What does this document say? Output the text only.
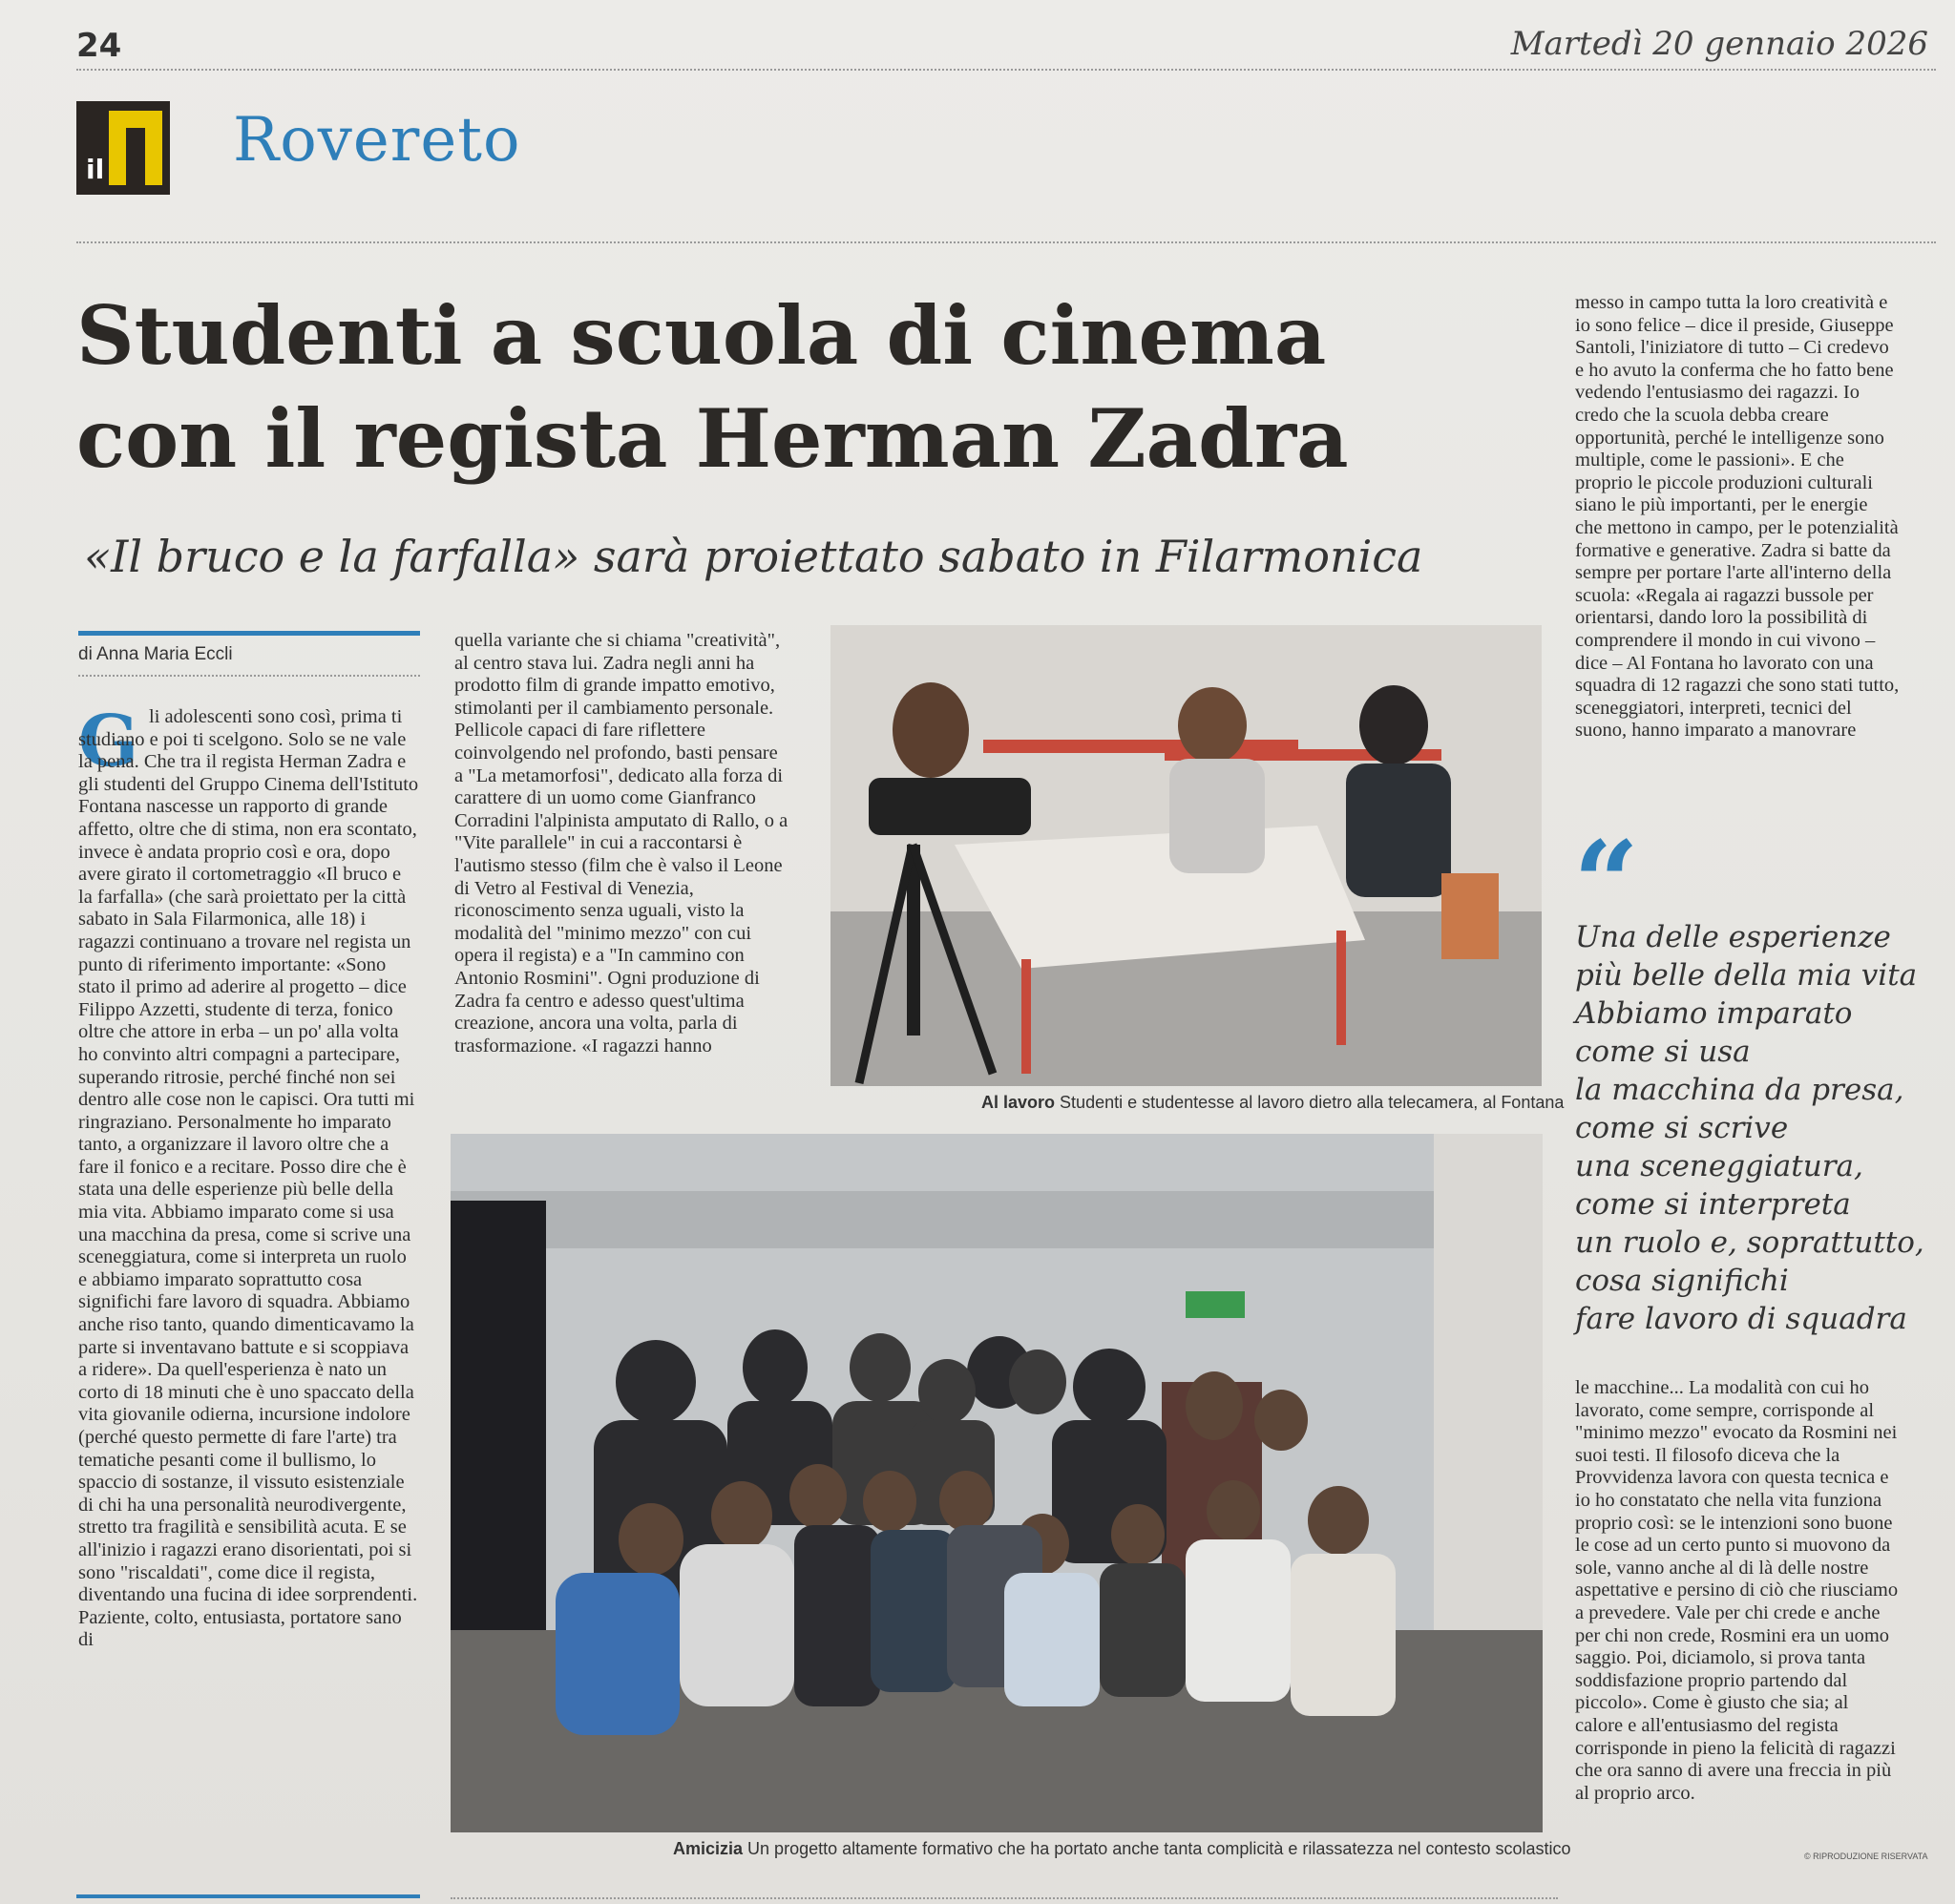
24	Martedì 20 gennaio 2026
il Rovereto
Studenti a scuola di cinema
con il regista Herman Zadra
«Il bruco e la farfalla» sarà proiettato sabato in Filarmonica
di Anna Maria Eccli
G li adolescenti sono così, prima ti studiano e poi ti scelgono. Solo se ne vale la pena. Che tra il regista Herman Zadra e gli studenti del Gruppo Cinema dell'Istituto Fontana nascesse un rapporto di grande affetto, oltre che di stima, non era scontato, invece è andata proprio così e ora, dopo avere girato il cortometraggio «Il bruco e la farfalla» (che sarà proiettato per la città sabato in Sala Filarmonica, alle 18) i ragazzi continuano a trovare nel regista un punto di riferimento importante: «Sono stato il primo ad aderire al progetto – dice Filippo Azzetti, studente di terza, fonico oltre che attore in erba – un po' alla volta ho convinto altri compagni a partecipare, superando ritrosie, perché finché non sei dentro alle cose non le capisci. Ora tutti mi ringraziano. Personalmente ho imparato tanto, a organizzare il lavoro oltre che a fare il fonico e a recitare. Posso dire che è stata una delle esperienze più belle della mia vita. Abbiamo imparato come si usa una macchina da presa, come si scrive una sceneggiatura, come si interpreta un ruolo e abbiamo imparato soprattutto cosa significhi fare lavoro di squadra. Abbiamo anche riso tanto, quando dimenticavamo la parte si inventavano battute e si scoppiava a ridere». Da quell'esperienza è nato un corto di 18 minuti che è uno spaccato della vita giovanile odierna, incursione indolore (perché questo permette di fare l'arte) tra tematiche pesanti come il bullismo, lo spaccio di sostanze, il vissuto esistenziale di chi ha una personalità neurodivergente, stretto tra fragilità e sensibilità acuta. E se all'inizio i ragazzi erano disorientati, poi si sono "riscaldati", come dice il regista, diventando una fucina di idee sorprendenti. Paziente, colto, entusiasta, portatore sano di

quella variante che si chiama "creatività", al centro stava lui. Zadra negli anni ha prodotto film di grande impatto emotivo, stimolanti per il cambiamento personale. Pellicole capaci di fare riflettere coinvolgendo nel profondo, basti pensare a "La metamorfosi", dedicato alla forza di carattere di un uomo come Gianfranco Corradini l'alpinista amputato di Rallo, o a "Vite parallele" in cui a raccontarsi è l'autismo stesso (film che è valso il Leone di Vetro al Festival di Venezia, riconoscimento senza uguali, visto la modalità del "minimo mezzo" con cui opera il regista) e a "In cammino con Antonio Rosmini". Ogni produzione di Zadra fa centro e adesso quest'ultima creazione, ancora una volta, parla di trasformazione. «I ragazzi hanno

Al lavoro Studenti e studentesse al lavoro dietro alla telecamera, al Fontana
Amicizia Un progetto altamente formativo che ha portato anche tanta complicità e rilassatezza nel contesto scolastico

messo in campo tutta la loro creatività e io sono felice – dice il preside, Giuseppe Santoli, l'iniziatore di tutto – Ci credevo e ho avuto la conferma che ho fatto bene vedendo l'entusiasmo dei ragazzi. Io credo che la scuola debba creare opportunità, perché le intelligenze sono multiple, come le passioni». E che proprio le piccole produzioni culturali siano le più importanti, per le energie che mettono in campo, per le potenzialità formative e generative. Zadra si batte da sempre per portare l'arte all'interno della scuola: «Regala ai ragazzi bussole per orientarsi, dando loro la possibilità di comprendere il mondo in cui vivono – dice – Al Fontana ho lavorato con una squadra di 12 ragazzi che sono stati tutto, sceneggiatori, interpreti, tecnici del suono, hanno imparato a manovrare

“
Una delle esperienze
più belle della mia vita
Abbiamo imparato
come si usa
la macchina da presa,
come si scrive
una sceneggiatura,
come si interpreta
un ruolo e, soprattutto,
cosa significhi
fare lavoro di squadra

le macchine... La modalità con cui ho lavorato, come sempre, corrisponde al "minimo mezzo" evocato da Rosmini nei suoi testi. Il filosofo diceva che la Provvidenza lavora con questa tecnica e io ho constatato che nella vita funziona proprio così: se le intenzioni sono buone le cose ad un certo punto si muovono da sole, vanno anche al di là delle nostre aspettative e persino di ciò che riusciamo a prevedere. Vale per chi crede e anche per chi non crede, Rosmini era un uomo saggio. Poi, diciamolo, si prova tanta soddisfazione proprio partendo dal piccolo». Come è giusto che sia; al calore e all'entusiasmo del regista corrisponde in pieno la felicità di ragazzi che ora sanno di avere una freccia in più al proprio arco.

© RIPRODUZIONE RISERVATA
